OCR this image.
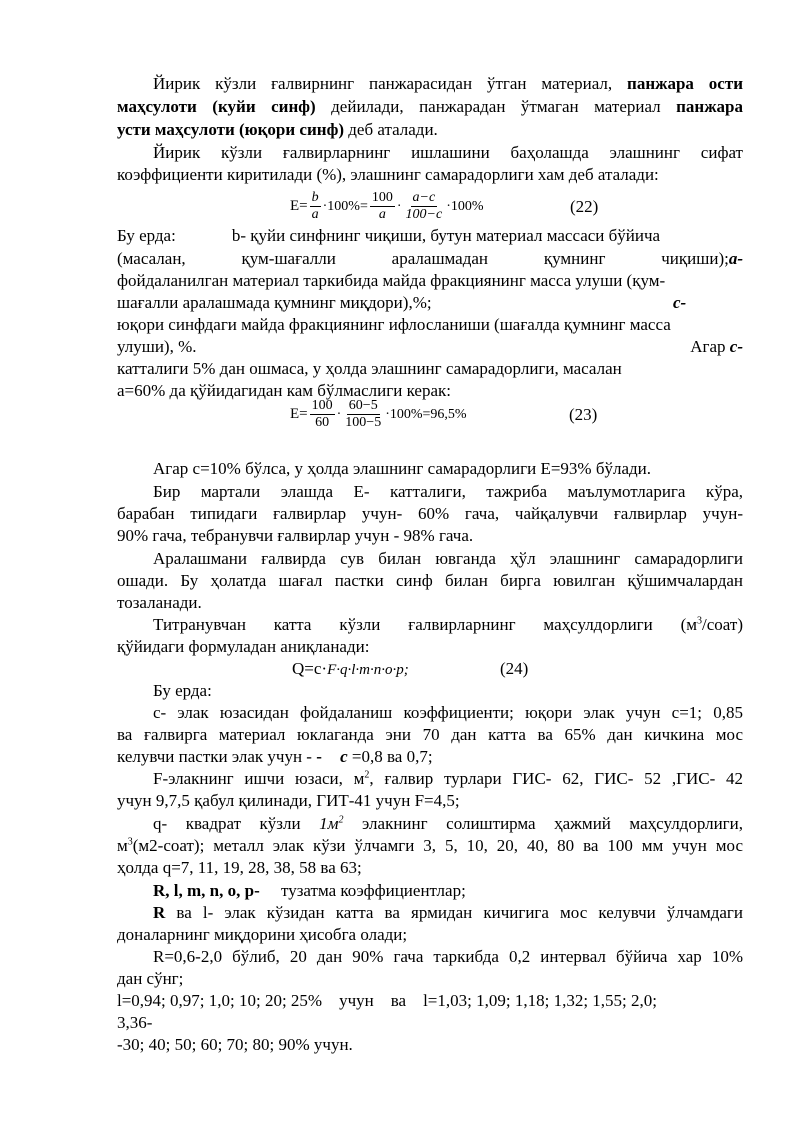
Йирик кўзли ғалвирнинг панжарасидан ўтган материал, панжара ости
маҳсулоти (куйи синф) дейилади, панжарадан ўтмаган материал панжара
усти маҳсулоти (юқори синф) деб аталади.
Йирик кўзли ғалвирларнинг ишлашини баҳолашда элашнинг сифат
коэффициенти киритилади (%), элашнинг самарадорлиги хам деб аталади:
$E= \frac{b}{a} \cdot 100\%= \frac{100}{a} \cdot \frac{a-c}{100-c} \cdot 100\%$	(22)
Бу ерда:	b- қуйи синфнинг чиқиши, бутун материал массаси бўйича
(масалан, қум-шағалли аралашмадан қумнинг чиқиши);a-
фойдаланилган материал таркибида майда фракциянинг масса улуши (қум-
шағалли аралашмада қумнинг миқдори),%;	c-
юқори синфдаги майда фракциянинг ифлосланиши (шағалда қумнинг масса
улуши), %.	Агар c-
катталиги 5% дан ошмаса, у ҳолда элашнинг самарадорлиги, масалан
a=60% да қўйидагидан кам бўлмаслиги керак:
$E= \frac{100}{60} \cdot \frac{60-5}{100-5} \cdot 100\%=96,5\%$	(23)
Агар c=10% бўлса, у ҳолда элашнинг самарадорлиги E=93% бўлади.
Бир мартали элашда E- катталиги, тажриба маълумотларига кўра,
барабан типидаги ғалвирлар учун- 60% гача, чайқалувчи ғалвирлар учун-
90% гача, тебранувчи ғалвирлар учун - 98% гача.
Аралашмани ғалвирда сув билан ювганда ҳўл элашнинг самарадорлиги
ошади. Бу ҳолатда шағал пастки синф билан бирга ювилган қўшимчалардан
тозаланади.
Титранувчан катта кўзли ғалвирларнинг маҳсулдорлиги $(м^3/соат)$
қўйидаги формуладан аниқланади:
Q=c·F·q·l·m·n·o·p;	(24)
Бу ерда:
c- элак юзасидан фойдаланиш коэффициенти; юқори элак учун c=1; 0,85
ва ғалвирга материал юклаганда эни 70 дан катта ва 65% дан кичкина мос
келувчи пастки элак учун - - c =0,8 ва 0,7;
F-элакнинг ишчи юзаси, $м^2$, ғалвир турлари ГИС- 62, ГИС- 52 ,ГИС- 42
учун 9,7,5 қабул қилинади, ГИТ-41 учун F=4,5;
q- квадрат кўзли $1м^2$ элакнинг солиштирма ҳажмий маҳсулдорлиги,
$м^3(м2-соат)$; металл элак кўзи ўлчамги 3, 5, 10, 20, 40, 80 ва 100 мм учун мос
ҳолда q=7, 11, 19, 28, 38, 58 ва 63;
R, l, m, n, o, p-     тузатма коэффициентлар;
R ва l- элак кўзидан катта ва ярмидан кичигига мос келувчи ўлчамдаги
доналарнинг миқдорини ҳисобга олади;
R=0,6-2,0 бўлиб, 20 дан 90% гача таркибда 0,2 интервал бўйича хар 10%
дан сўнг;
l=0,94; 0,97; 1,0; 10; 20; 25%    учун    ва    l=1,03; 1,09; 1,18; 1,32; 1,55; 2,0;
3,36-
-30; 40; 50; 60; 70; 80; 90% учун.
